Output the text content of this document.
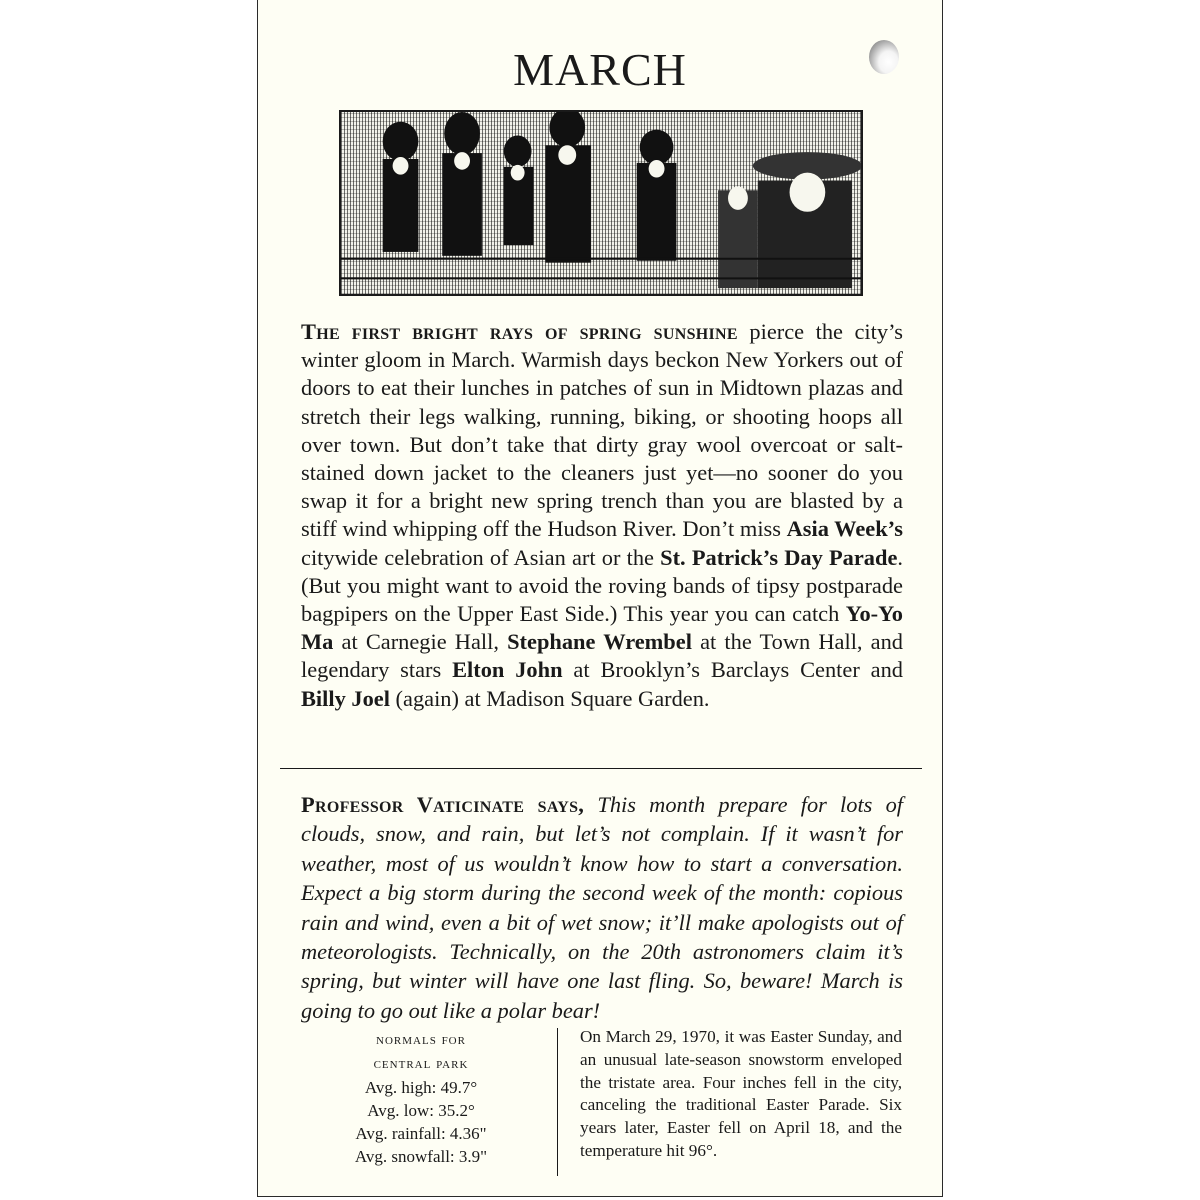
MARCH

The first bright rays of spring sunshine pierce the city’s winter gloom in March. Warmish days beckon New Yorkers out of doors to eat their lunches in patches of sun in Midtown plazas and stretch their legs walking, running, biking, or shooting hoops all over town. But don’t take that dirty gray wool overcoat or salt-stained down jacket to the cleaners just yet—no sooner do you swap it for a bright new spring trench than you are blasted by a stiff wind whipping off the Hudson River. Don’t miss Asia Week’s citywide celebration of Asian art or the St. Patrick’s Day Parade. (But you might want to avoid the roving bands of tipsy postparade bagpipers on the Upper East Side.) This year you can catch Yo-Yo Ma at Carnegie Hall, Stephane Wrembel at the Town Hall, and legendary stars Elton John at Brooklyn’s Barclays Center and Billy Joel (again) at Madison Square Garden.

Professor Vaticinate says, This month prepare for lots of clouds, snow, and rain, but let’s not complain. If it wasn’t for weather, most of us wouldn’t know how to start a conversation. Expect a big storm during the second week of the month: copious rain and wind, even a bit of wet snow; it’ll make apologists out of meteorologists. Technically, on the 20th astronomers claim it’s spring, but winter will have one last fling. So, beware! March is going to go out like a polar bear!

normals for
central park
Avg. high: 49.7°
Avg. low: 35.2°
Avg. rainfall: 4.36"
Avg. snowfall: 3.9"

On March 29, 1970, it was Easter Sunday, and an unusual late-season snowstorm enveloped the tristate area. Four inches fell in the city, canceling the traditional Easter Parade. Six years later, Easter fell on April 18, and the temperature hit 96°.
